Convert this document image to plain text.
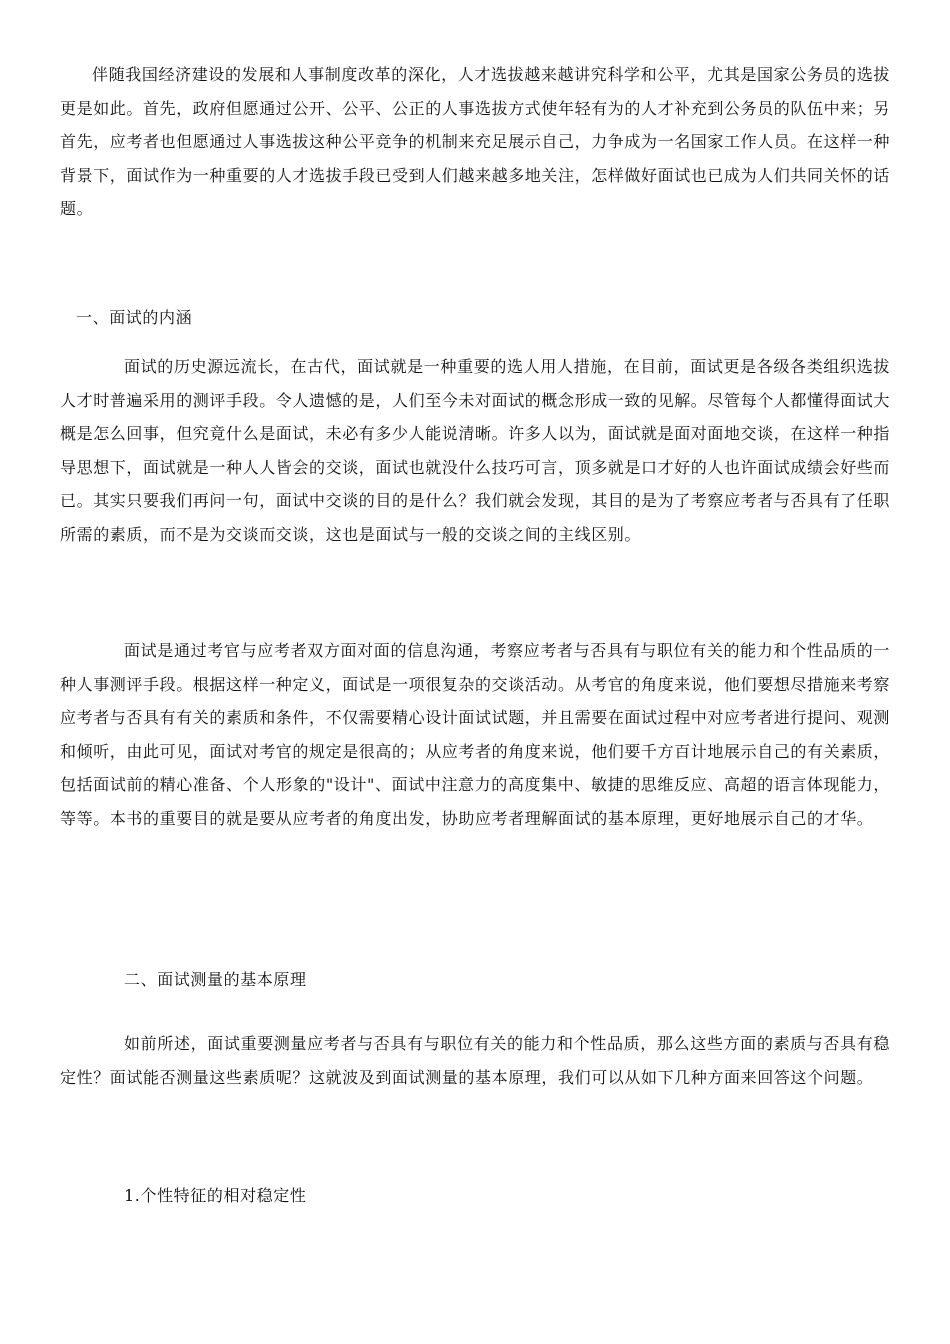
伴随我国经济建设的发展和人事制度改革的深化，人才选拔越来越讲究科学和公平，尤其是国家公务员的选拔更是如此。首先，政府但愿通过公开、公平、公正的人事选拔方式使年轻有为的人才补充到公务员的队伍中来；另首先，应考者也但愿通过人事选拔这种公平竞争的机制来充足展示自己，力争成为一名国家工作人员。在这样一种背景下，面试作为一种重要的人才选拔手段已受到人们越来越多地关注，怎样做好面试也已成为人们共同关怀的话题。

一、面试的内涵

面试的历史源远流长，在古代，面试就是一种重要的选人用人措施，在目前，面试更是各级各类组织选拔人才时普遍采用的测评手段。令人遗憾的是，人们至今未对面试的概念形成一致的见解。尽管每个人都懂得面试大概是怎么回事，但究竟什么是面试，未必有多少人能说清晰。许多人以为，面试就是面对面地交谈，在这样一种指导思想下，面试就是一种人人皆会的交谈，面试也就没什么技巧可言，顶多就是口才好的人也许面试成绩会好些而已。其实只要我们再问一句，面试中交谈的目的是什么？我们就会发现，其目的是为了考察应考者与否具有了任职所需的素质，而不是为交谈而交谈，这也是面试与一般的交谈之间的主线区别。

面试是通过考官与应考者双方面对面的信息沟通，考察应考者与否具有与职位有关的能力和个性品质的一种人事测评手段。根据这样一种定义，面试是一项很复杂的交谈活动。从考官的角度来说，他们要想尽措施来考察应考者与否具有有关的素质和条件，不仅需要精心设计面试试题，并且需要在面试过程中对应考者进行提问、观测和倾听，由此可见，面试对考官的规定是很高的；从应考者的角度来说，他们要千方百计地展示自己的有关素质，包括面试前的精心准备、个人形象的"设计"、面试中注意力的高度集中、敏捷的思维反应、高超的语言体现能力，等等。本书的重要目的就是要从应考者的角度出发，协助应考者理解面试的基本原理，更好地展示自己的才华。

二、面试测量的基本原理

如前所述，面试重要测量应考者与否具有与职位有关的能力和个性品质，那么这些方面的素质与否具有稳定性？面试能否测量这些素质呢？这就波及到面试测量的基本原理，我们可以从如下几种方面来回答这个问题。

1.个性特征的相对稳定性
